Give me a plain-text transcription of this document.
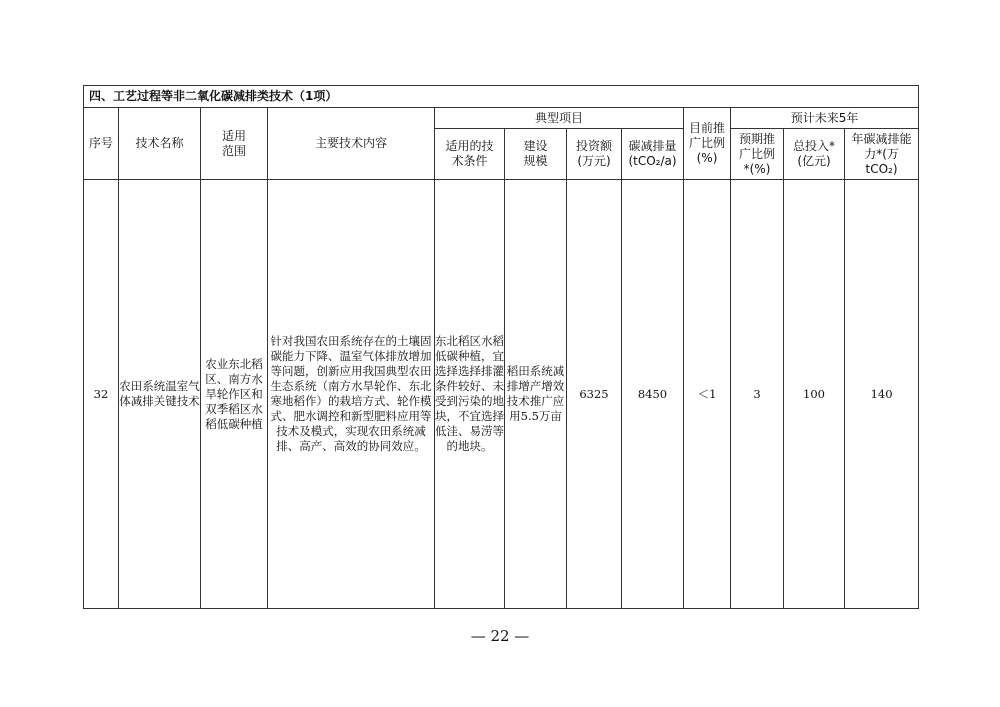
四、工艺过程等非二氧化碳减排类技术（1项）											
序号	技术名称	适用范围	主要技术内容	典型项目				目前推广比例(%)	预计未来5年		

				适用的技术条件	建设规模	投资额(万元)	碳减排量(tCO₂/a)		预期推广比例*(%)	总投入*(亿元)	年碳减排能力*(万tCO₂)

32	农田系统温室气体减排关键技术	农业东北稻区、南方水旱轮作区和双季稻区水稻低碳种植	针对我国农田系统存在的土壤固碳能力下降、温室气体排放增加等问题，创新应用我国典型农田生态系统（南方水旱轮作、东北寒地稻作）的栽培方式、轮作模式、肥水调控和新型肥料应用等技术及模式，实现农田系统减排、高产、高效的协同效应。	东北稻区水稻低碳种植，宜选择选择排灌条件较好、未受到污染的地块，不宜选择低洼、易涝等的地块。	稻田系统减排增产增效技术推广应用5.5万亩	6325	8450	＜1	3	100	140
— 22 —
